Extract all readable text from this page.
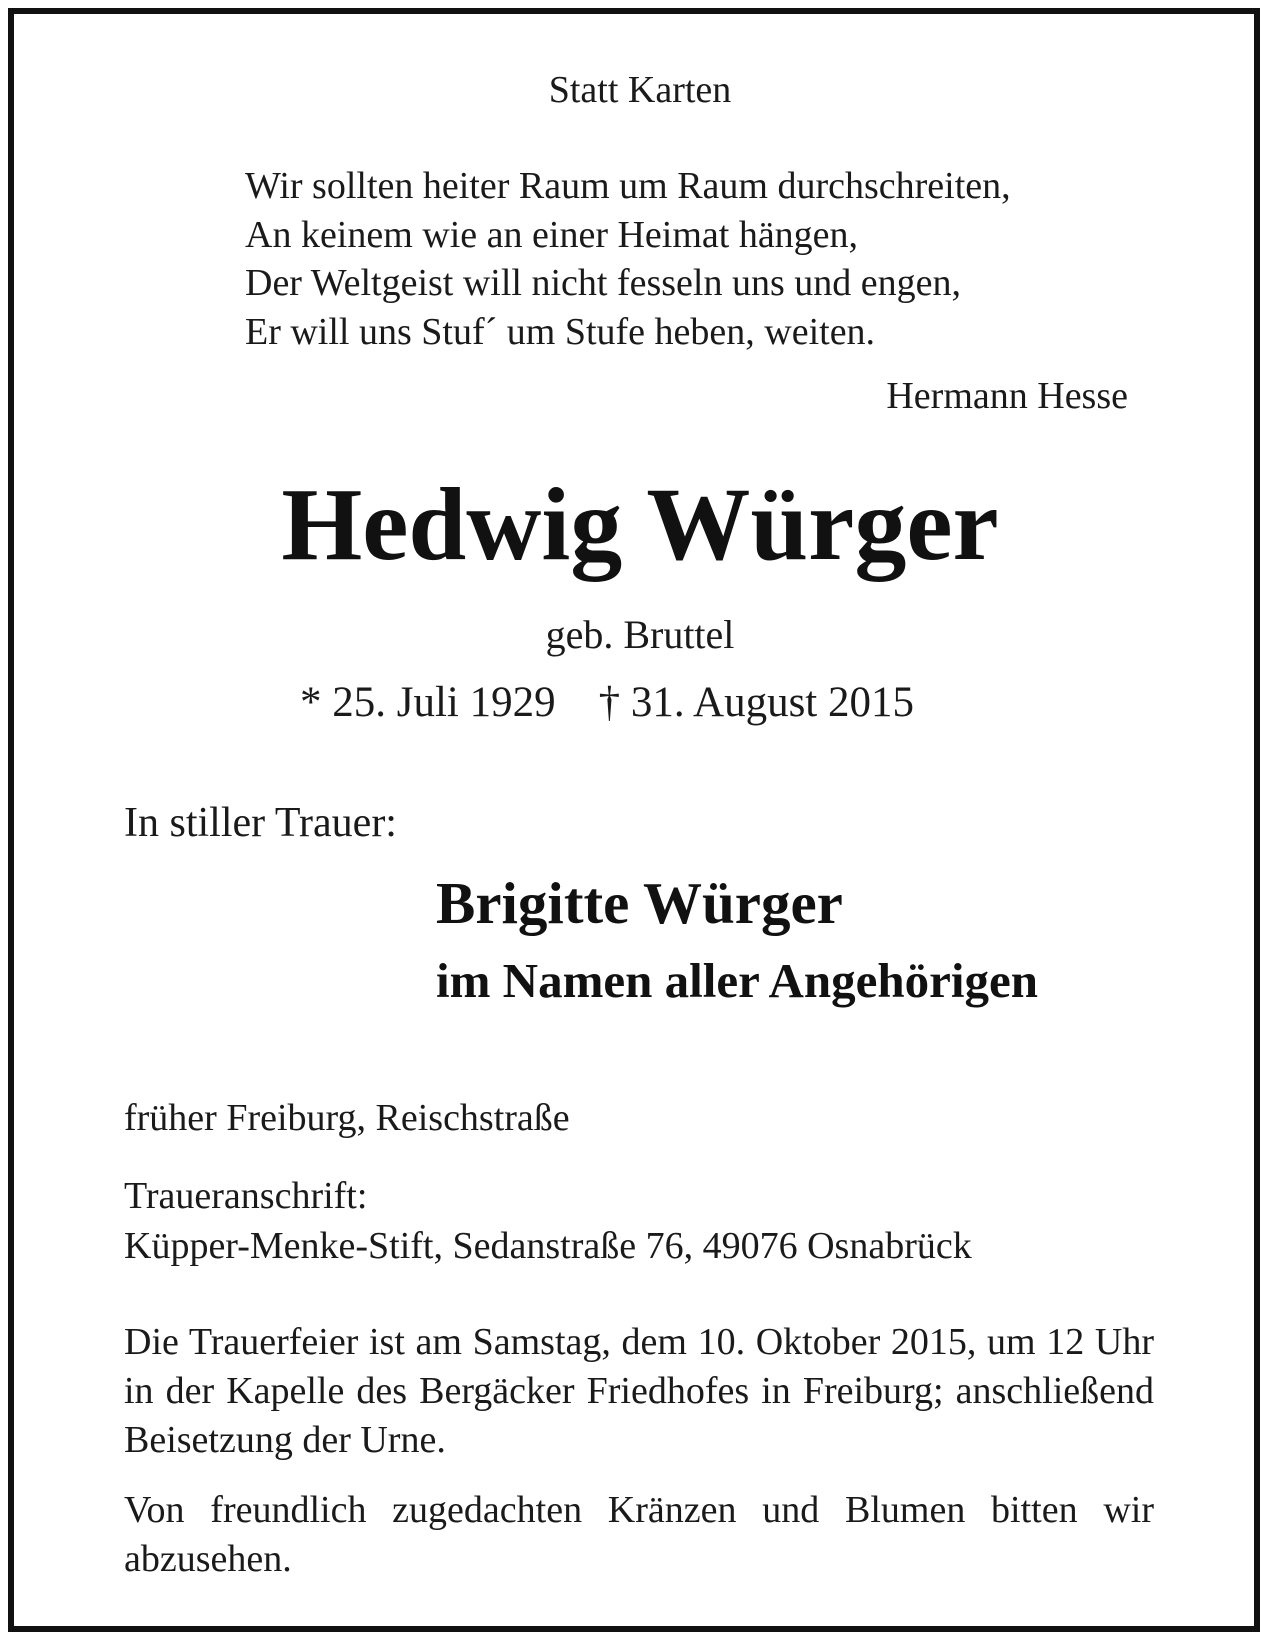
Statt Karten
Wir sollten heiter Raum um Raum durchschreiten,
An keinem wie an einer Heimat hängen,
Der Weltgeist will nicht fesseln uns und engen,
Er will uns Stuf´ um Stufe heben, weiten.
Hermann Hesse
Hedwig Würger
geb. Bruttel
* 25. Juli 1929 † 31. August 2015
In stiller Trauer:
Brigitte Würger
im Namen aller Angehörigen
früher Freiburg, Reischstraße
Traueranschrift:
Küpper-Menke-Stift, Sedanstraße 76, 49076 Osnabrück
Die Trauerfeier ist am Samstag, dem 10. Oktober 2015, um 12 Uhr in der Kapelle des Bergäcker Friedhofes in Freiburg; anschließend Beisetzung der Urne.
Von freundlich zugedachten Kränzen und Blumen bitten wir abzusehen.
